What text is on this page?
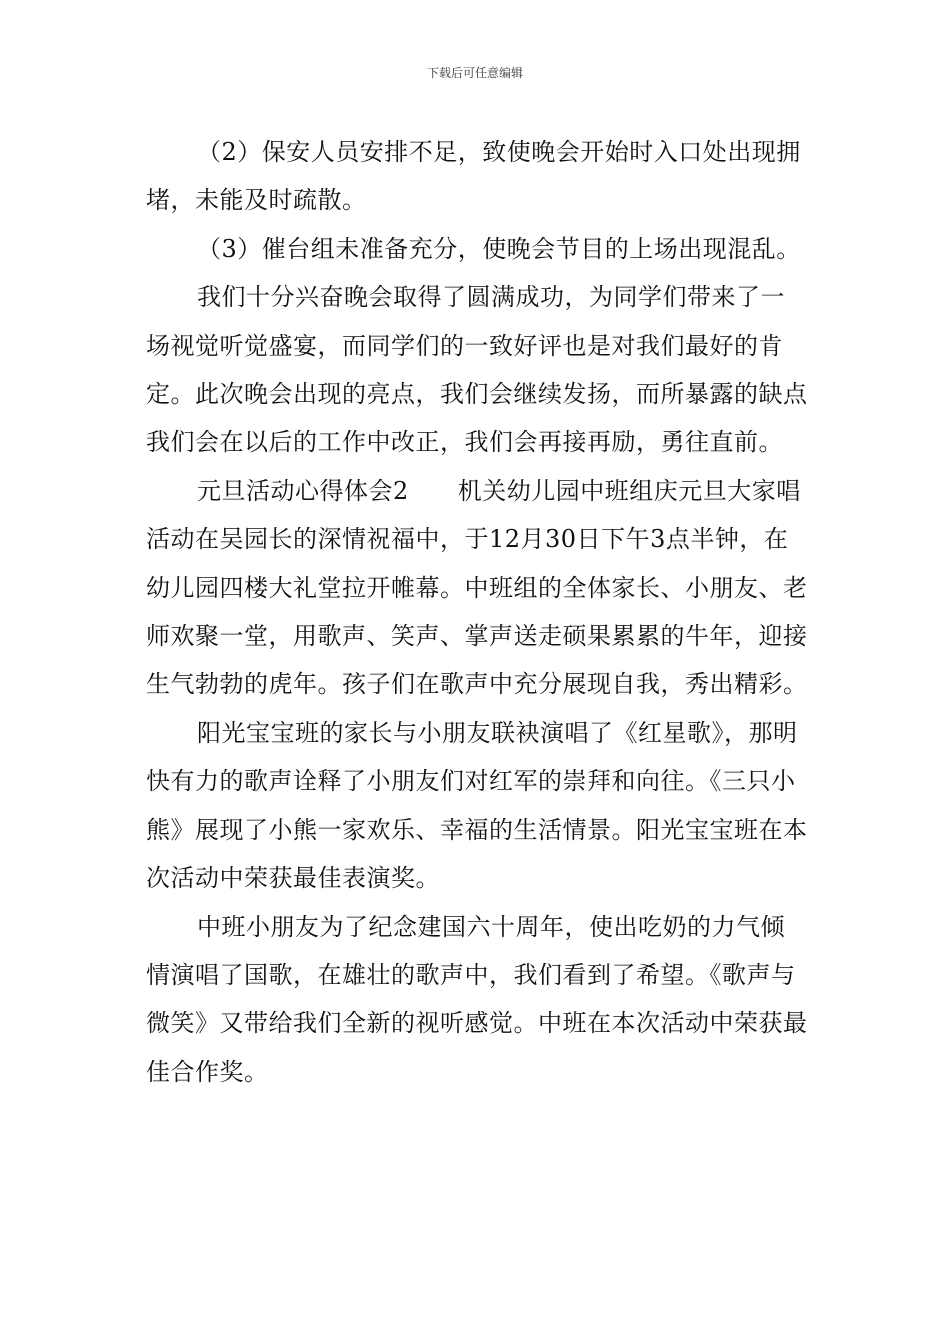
下载后可任意编辑

（2）保安人员安排不足，致使晚会开始时入口处出现拥堵，未能及时疏散。

（3）催台组未准备充分，使晚会节目的上场出现混乱。

我们十分兴奋晚会取得了圆满成功，为同学们带来了一场视觉听觉盛宴，而同学们的一致好评也是对我们最好的肯定。此次晚会出现的亮点，我们会继续发扬，而所暴露的缺点我们会在以后的工作中改正，我们会再接再励，勇往直前。

元旦活动心得体会2　　机关幼儿园中班组庆元旦大家唱活动在吴园长的深情祝福中，于12月30日下午3点半钟，在幼儿园四楼大礼堂拉开帷幕。中班组的全体家长、小朋友、老师欢聚一堂，用歌声、笑声、掌声送走硕果累累的牛年，迎接生气勃勃的虎年。孩子们在歌声中充分展现自我，秀出精彩。

阳光宝宝班的家长与小朋友联袂演唱了《红星歌》，那明快有力的歌声诠释了小朋友们对红军的崇拜和向往。《三只小熊》展现了小熊一家欢乐、幸福的生活情景。阳光宝宝班在本次活动中荣获最佳表演奖。

中班小朋友为了纪念建国六十周年，使出吃奶的力气倾情演唱了国歌，在雄壮的歌声中，我们看到了希望。《歌声与微笑》又带给我们全新的视听感觉。中班在本次活动中荣获最佳合作奖。
